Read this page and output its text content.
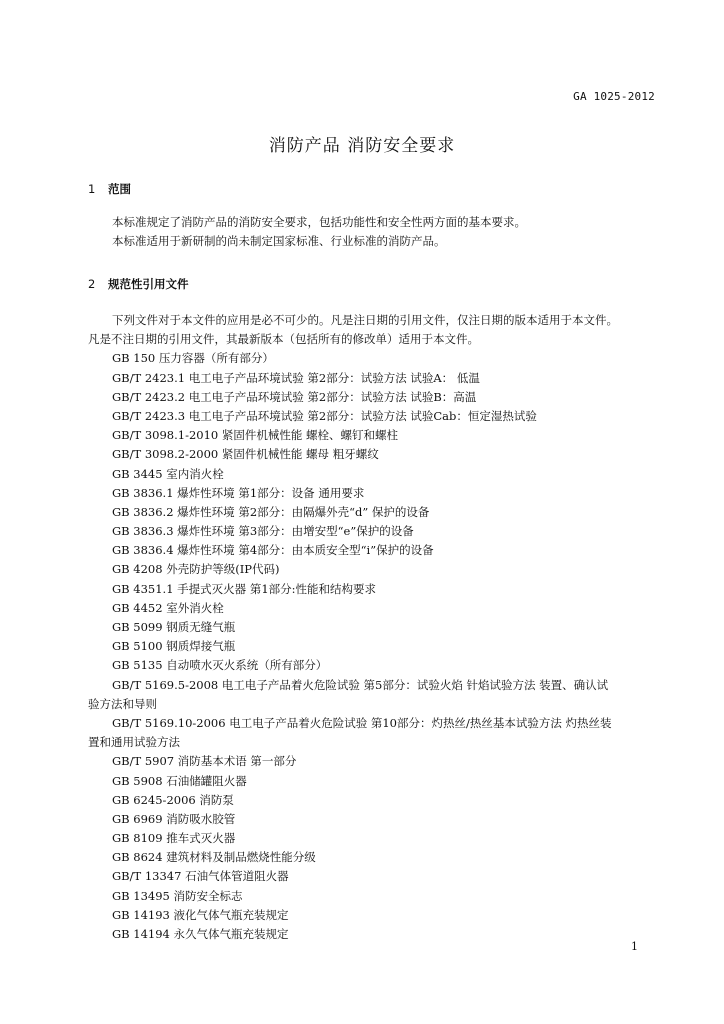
GA 1025-2012
消防产品 消防安全要求
1 范围
本标准规定了消防产品的消防安全要求，包括功能性和安全性两方面的基本要求。
本标准适用于新研制的尚未制定国家标准、行业标准的消防产品。
2 规范性引用文件
下列文件对于本文件的应用是必不可少的。凡是注日期的引用文件，仅注日期的版本适用于本文件。
凡是不注日期的引用文件，其最新版本（包括所有的修改单）适用于本文件。
GB 150 压力容器（所有部分）
GB/T 2423.1 电工电子产品环境试验 第2部分：试验方法 试验A： 低温
GB/T 2423.2 电工电子产品环境试验 第2部分：试验方法 试验B：高温
GB/T 2423.3 电工电子产品环境试验 第2部分：试验方法 试验Cab：恒定湿热试验
GB/T 3098.1-2010 紧固件机械性能 螺栓、螺钉和螺柱
GB/T 3098.2-2000 紧固件机械性能 螺母 粗牙螺纹
GB 3445 室内消火栓
GB 3836.1 爆炸性环境 第1部分：设备 通用要求
GB 3836.2 爆炸性环境 第2部分：由隔爆外壳“d” 保护的设备
GB 3836.3 爆炸性环境 第3部分：由增安型“e”保护的设备
GB 3836.4 爆炸性环境 第4部分：由本质安全型“i”保护的设备
GB 4208 外壳防护等级(IP代码)
GB 4351.1 手提式灭火器 第1部分:性能和结构要求
GB 4452 室外消火栓
GB 5099 钢质无缝气瓶
GB 5100 钢质焊接气瓶
GB 5135 自动喷水灭火系统（所有部分）
GB/T 5169.5-2008 电工电子产品着火危险试验 第5部分：试验火焰 针焰试验方法 装置、确认试
验方法和导则
GB/T 5169.10-2006 电工电子产品着火危险试验 第10部分：灼热丝/热丝基本试验方法 灼热丝装
置和通用试验方法
GB/T 5907 消防基本术语 第一部分
GB 5908 石油储罐阻火器
GB 6245-2006 消防泵
GB 6969 消防吸水胶管
GB 8109 推车式灭火器
GB 8624 建筑材料及制品燃烧性能分级
GB/T 13347 石油气体管道阻火器
GB 13495 消防安全标志
GB 14193 液化气体气瓶充装规定
GB 14194 永久气体气瓶充装规定
1
